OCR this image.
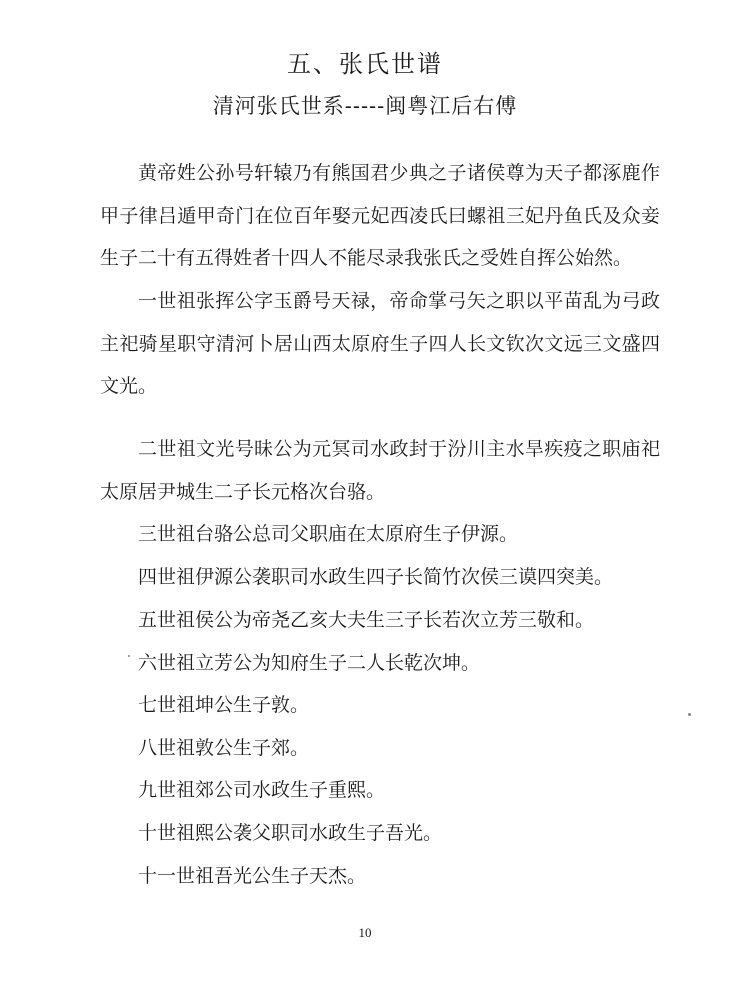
五、张氏世谱
清河张氏世系-----闽粤江后右傅

黄帝姓公孙号轩辕乃有熊国君少典之子诸侯尊为天子都涿鹿作甲子律吕遁甲奇门在位百年娶元妃西凌氏曰螺祖三妃丹鱼氏及众妾生子二十有五得姓者十四人不能尽录我张氏之受姓自挥公始然。

一世祖张挥公字玉爵号天禄，帝命掌弓矢之职以平苗乱为弓政主祀骑星职守清河卜居山西太原府生子四人长文钦次文远三文盛四文光。

二世祖文光号昧公为元冥司水政封于汾川主水旱疾疫之职庙祀太原居尹城生二子长元格次台骆。

三世祖台骆公总司父职庙在太原府生子伊源。

四世祖伊源公袭职司水政生四子长简竹次侯三谟四突美。

五世祖侯公为帝尧乙亥大夫生三子长若次立芳三敬和。

六世祖立芳公为知府生子二人长乾次坤。

七世祖坤公生子敦。

八世祖敦公生子郊。

九世祖郊公司水政生子重熙。

十世祖熙公袭父职司水政生子吾光。

十一世祖吾光公生子天杰。

10
